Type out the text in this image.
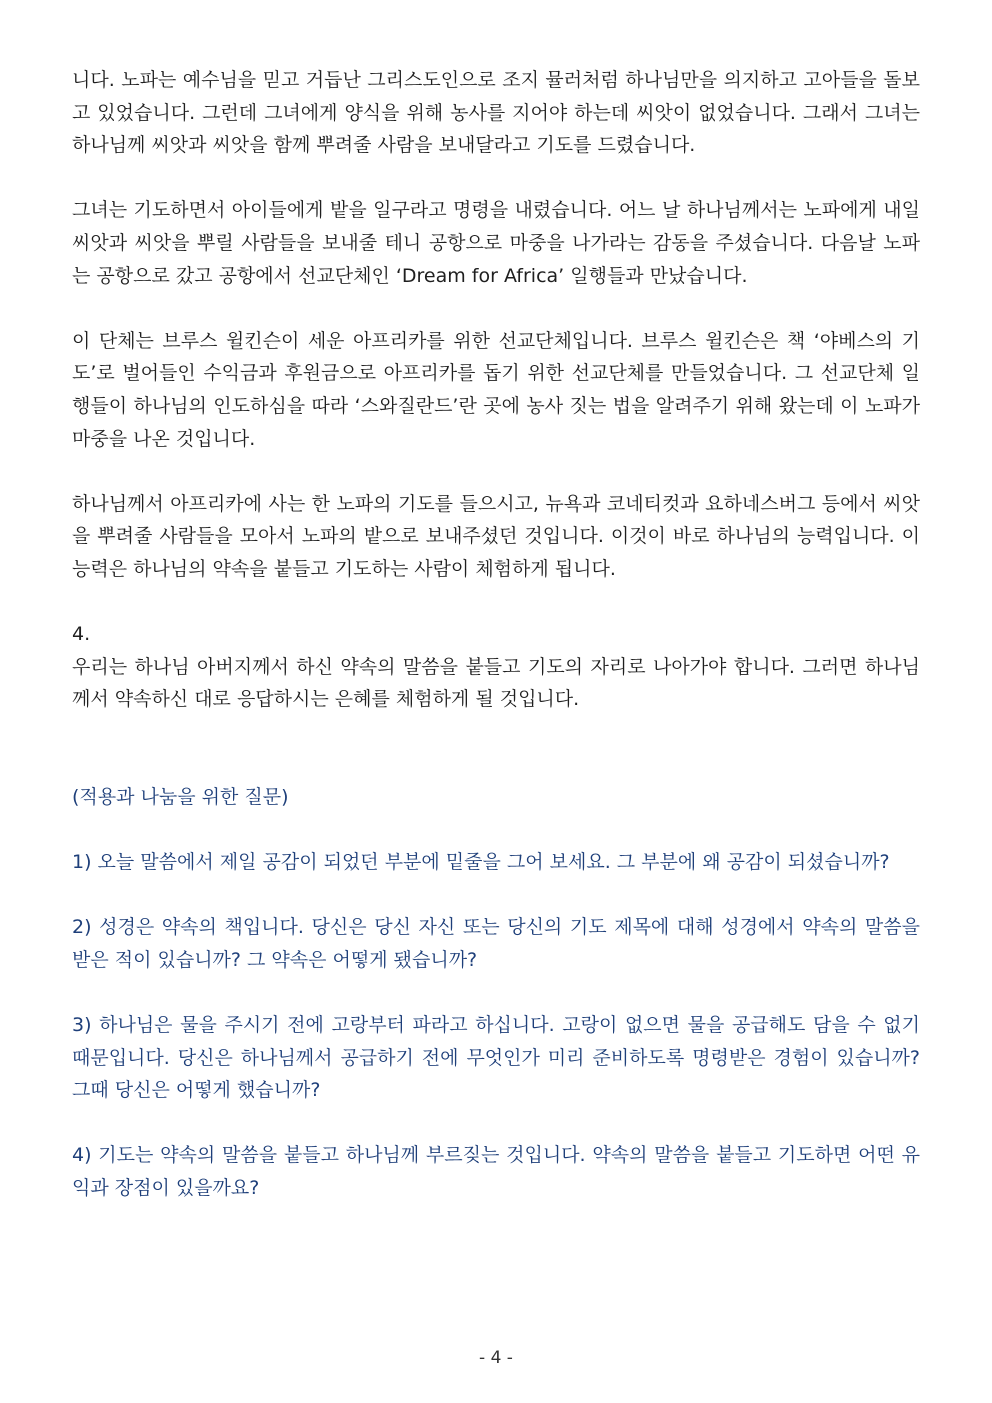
니다. 노파는 예수님을 믿고 거듭난 그리스도인으로 조지 뮬러처럼 하나님만을 의지하고 고아들을 돌보고 있었습니다. 그런데 그녀에게 양식을 위해 농사를 지어야 하는데 씨앗이 없었습니다. 그래서 그녀는 하나님께 씨앗과 씨앗을 함께 뿌려줄 사람을 보내달라고 기도를 드렸습니다.

그녀는 기도하면서 아이들에게 밭을 일구라고 명령을 내렸습니다. 어느 날 하나님께서는 노파에게 내일 씨앗과 씨앗을 뿌릴 사람들을 보내줄 테니 공항으로 마중을 나가라는 감동을 주셨습니다. 다음날 노파는 공항으로 갔고 공항에서 선교단체인 ‘Dream for Africa’ 일행들과 만났습니다.

이 단체는 브루스 윌킨슨이 세운 아프리카를 위한 선교단체입니다. 브루스 윌킨슨은 책 ‘야베스의 기도’로 벌어들인 수익금과 후원금으로 아프리카를 돕기 위한 선교단체를 만들었습니다. 그 선교단체 일행들이 하나님의 인도하심을 따라 ‘스와질란드’란 곳에 농사 짓는 법을 알려주기 위해 왔는데 이 노파가 마중을 나온 것입니다.

하나님께서 아프리카에 사는 한 노파의 기도를 들으시고, 뉴욕과 코네티컷과 요하네스버그 등에서 씨앗을 뿌려줄 사람들을 모아서 노파의 밭으로 보내주셨던 것입니다. 이것이 바로 하나님의 능력입니다. 이 능력은 하나님의 약속을 붙들고 기도하는 사람이 체험하게 됩니다.

4.
우리는 하나님 아버지께서 하신 약속의 말씀을 붙들고 기도의 자리로 나아가야 합니다. 그러면 하나님께서 약속하신 대로 응답하시는 은혜를 체험하게 될 것입니다.
(적용과 나눔을 위한 질문)

1) 오늘 말씀에서 제일 공감이 되었던 부분에 밑줄을 그어 보세요. 그 부분에 왜 공감이 되셨습니까?

2) 성경은 약속의 책입니다. 당신은 당신 자신 또는 당신의 기도 제목에 대해 성경에서 약속의 말씀을 받은 적이 있습니까? 그 약속은 어떻게 됐습니까?

3) 하나님은 물을 주시기 전에 고랑부터 파라고 하십니다. 고랑이 없으면 물을 공급해도 담을 수 없기 때문입니다. 당신은 하나님께서 공급하기 전에 무엇인가 미리 준비하도록 명령받은 경험이 있습니까? 그때 당신은 어떻게 했습니까?

4) 기도는 약속의 말씀을 붙들고 하나님께 부르짖는 것입니다. 약속의 말씀을 붙들고 기도하면 어떤 유익과 장점이 있을까요?

- 4 -
